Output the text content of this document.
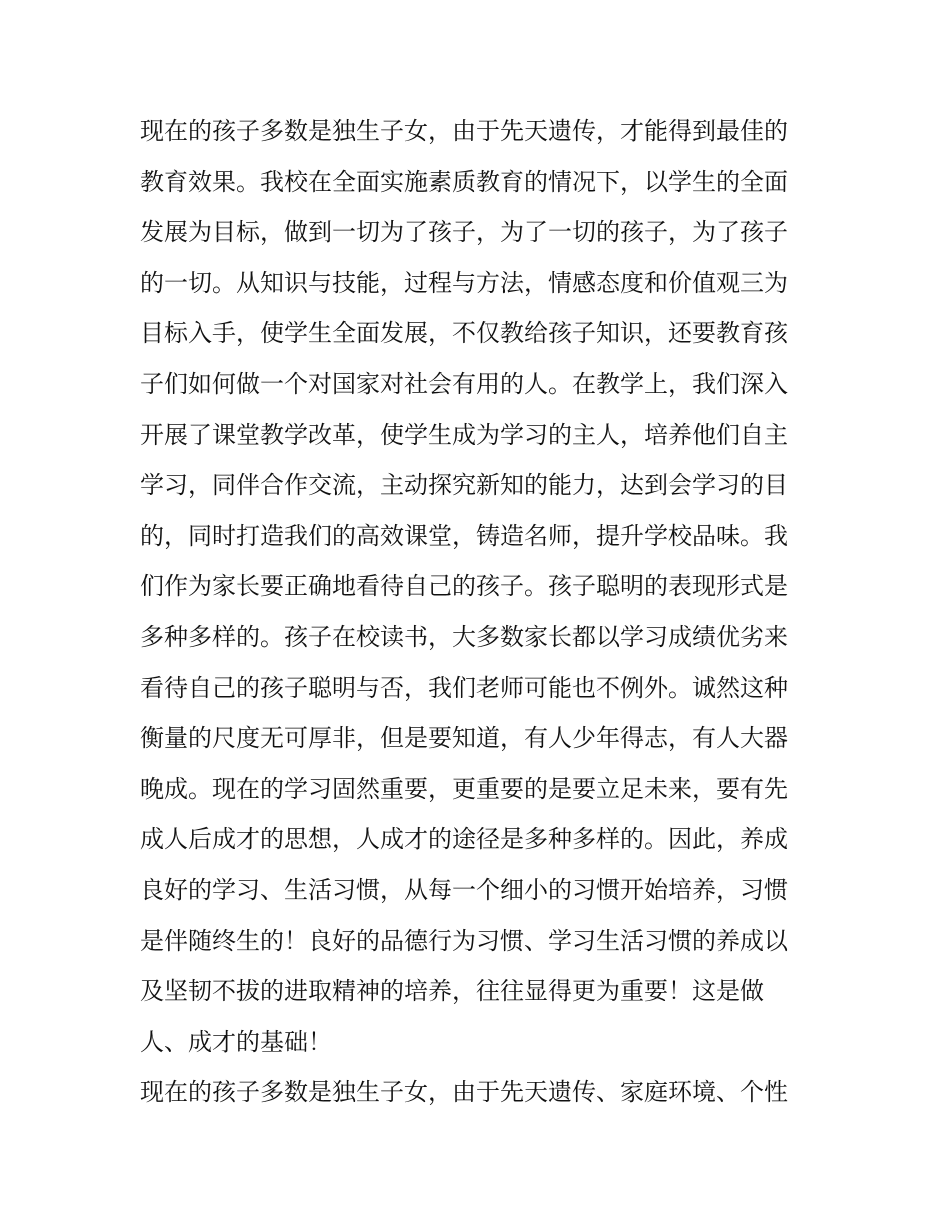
现在的孩子多数是独生子女，由于先天遗传，才能得到最佳的
教育效果。我校在全面实施素质教育的情况下，以学生的全面
发展为目标，做到一切为了孩子，为了一切的孩子，为了孩子
的一切。从知识与技能，过程与方法，情感态度和价值观三为
目标入手，使学生全面发展，不仅教给孩子知识，还要教育孩
子们如何做一个对国家对社会有用的人。在教学上，我们深入
开展了课堂教学改革，使学生成为学习的主人，培养他们自主
学习，同伴合作交流，主动探究新知的能力，达到会学习的目
的，同时打造我们的高效课堂，铸造名师，提升学校品味。我
们作为家长要正确地看待自己的孩子。孩子聪明的表现形式是
多种多样的。孩子在校读书，大多数家长都以学习成绩优劣来
看待自己的孩子聪明与否，我们老师可能也不例外。诚然这种
衡量的尺度无可厚非，但是要知道，有人少年得志，有人大器
晚成。现在的学习固然重要，更重要的是要立足未来，要有先
成人后成才的思想，人成才的途径是多种多样的。因此，养成
良好的学习、生活习惯，从每一个细小的习惯开始培养，习惯
是伴随终生的！良好的品德行为习惯、学习生活习惯的养成以
及坚韧不拔的进取精神的培养，往往显得更为重要！这是做
人、成才的基础！
现在的孩子多数是独生子女，由于先天遗传、家庭环境、个性
